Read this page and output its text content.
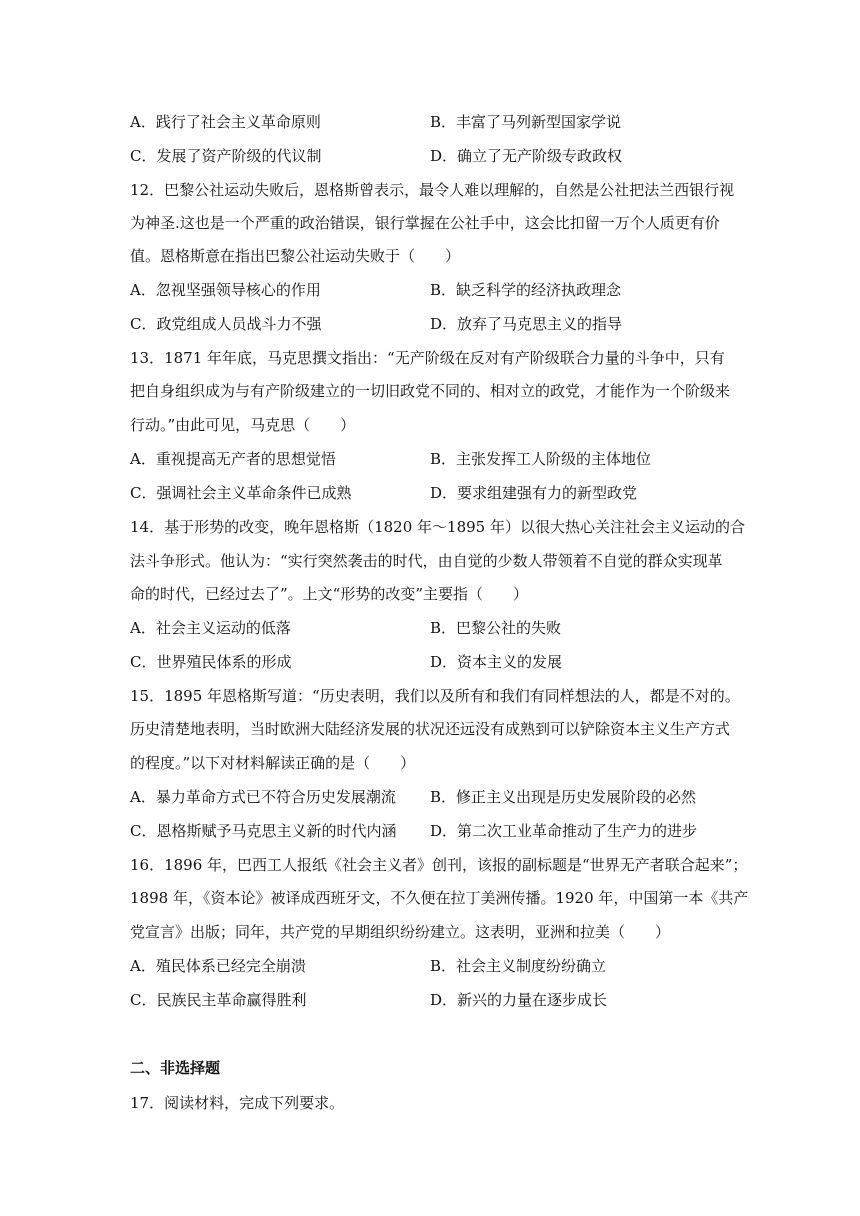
A．践行了社会主义革命原则	B．丰富了马列新型国家学说
C．发展了资产阶级的代议制	D．确立了无产阶级专政政权
12．巴黎公社运动失败后，恩格斯曾表示，最令人难以理解的，自然是公社把法兰西银行视
为神圣.这也是一个严重的政治错误，银行掌握在公社手中，这会比扣留一万个人质更有价
值。恩格斯意在指出巴黎公社运动失败于（　　）
A．忽视坚强领导核心的作用	B．缺乏科学的经济执政理念
C．政党组成人员战斗力不强	D．放弃了马克思主义的指导
13．1871 年年底，马克思撰文指出：“无产阶级在反对有产阶级联合力量的斗争中，只有
把自身组织成为与有产阶级建立的一切旧政党不同的、相对立的政党，才能作为一个阶级来
行动。”由此可见，马克思（　　）
A．重视提高无产者的思想觉悟	B．主张发挥工人阶级的主体地位
C．强调社会主义革命条件已成熟	D．要求组建强有力的新型政党
14．基于形势的改变，晚年恩格斯（1820 年～1895 年）以很大热心关注社会主义运动的合
法斗争形式。他认为：“实行突然袭击的时代，由自觉的少数人带领着不自觉的群众实现革
命的时代，已经过去了”。上文“形势的改变”主要指（　　）
A．社会主义运动的低落	B．巴黎公社的失败
C．世界殖民体系的形成	D．资本主义的发展
15．1895 年恩格斯写道：“历史表明，我们以及所有和我们有同样想法的人，都是不对的。
历史清楚地表明，当时欧洲大陆经济发展的状况还远没有成熟到可以铲除资本主义生产方式
的程度。”以下对材料解读正确的是（　　）
A．暴力革命方式已不符合历史发展潮流 B．修正主义出现是历史发展阶段的必然
C．恩格斯赋予马克思主义新的时代内涵 D．第二次工业革命推动了生产力的进步
16．1896 年，巴西工人报纸《社会主义者》创刊，该报的副标题是“世界无产者联合起来”；
1898 年，《资本论》被译成西班牙文，不久便在拉丁美洲传播。1920 年，中国第一本《共产
党宣言》出版；同年，共产党的早期组织纷纷建立。这表明，亚洲和拉美（　　）
A．殖民体系已经完全崩溃	B．社会主义制度纷纷确立
C．民族民主革命赢得胜利	D．新兴的力量在逐步成长
二、非选择题
17．阅读材料，完成下列要求。
